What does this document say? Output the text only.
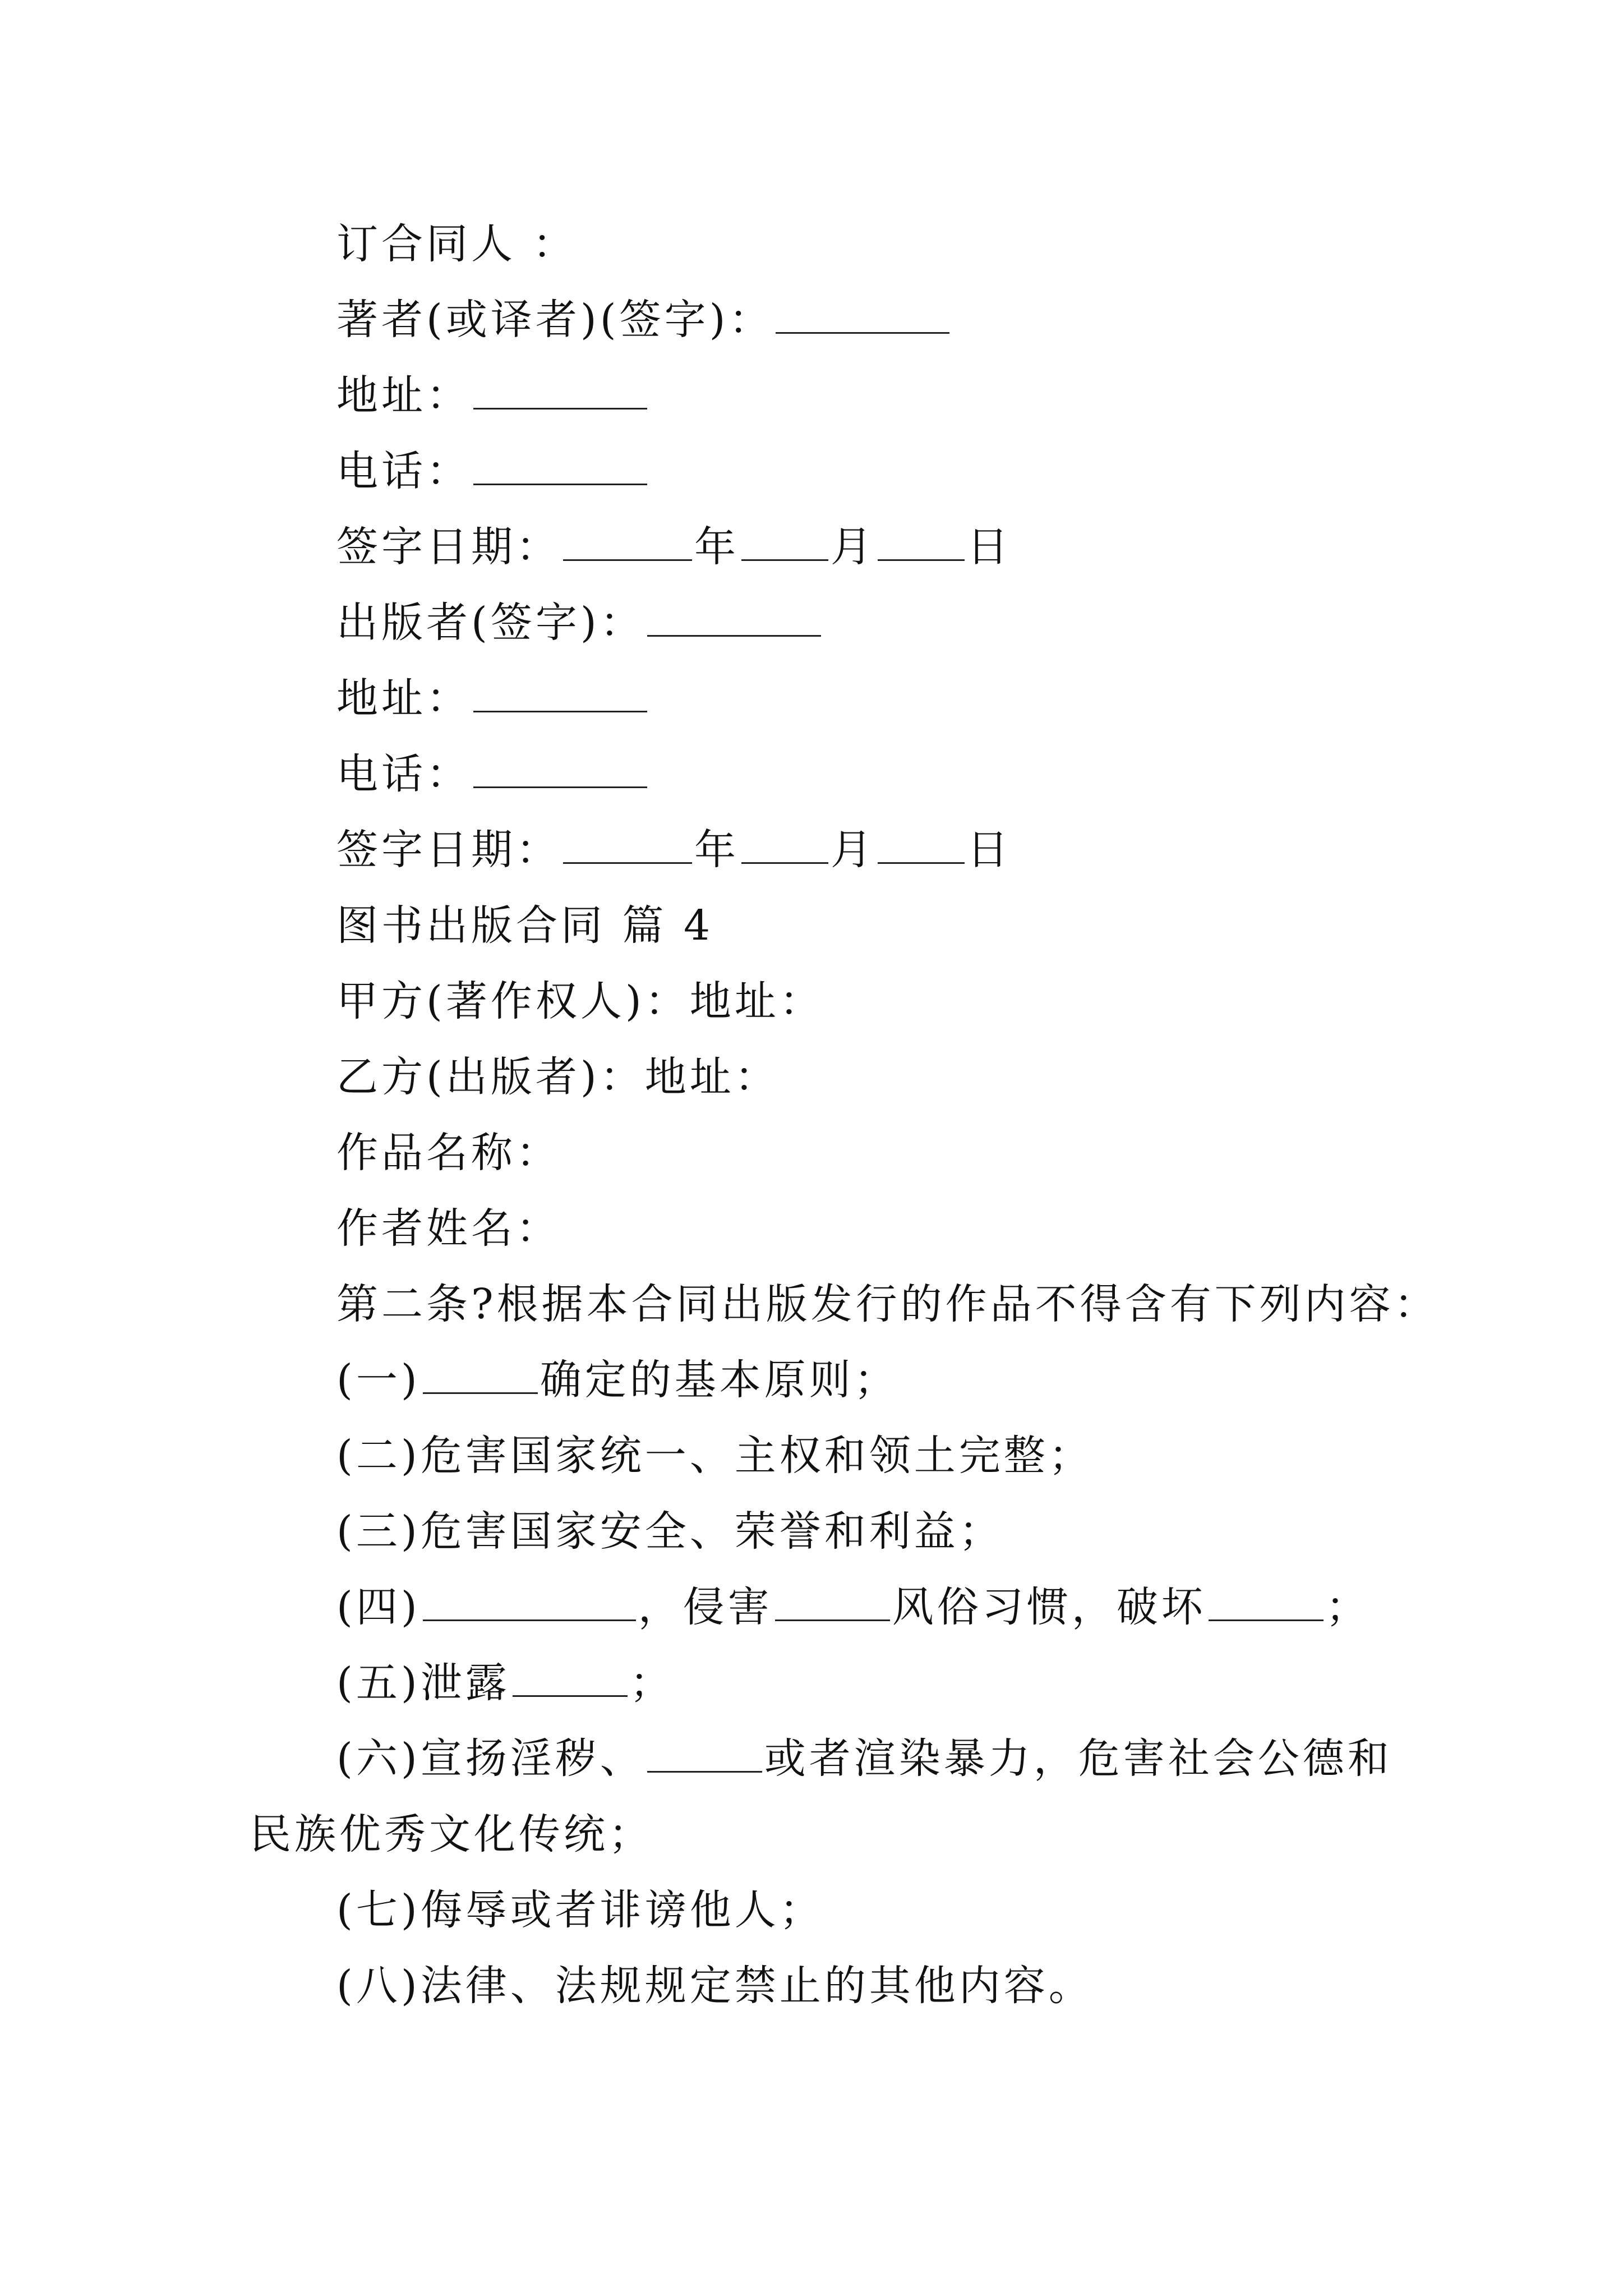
订合同人 ：
著者(或译者)(签字)：
地址：
电话：
签字日期：	年 月 日
出版者(签字)：
地址：
电话：
签字日期：	年 月 日
图书出版合同 篇 4
甲方(著作权人)：地址：
乙方(出版者)：地址：
作品名称：
作者姓名：
第二条?根据本合同出版发行的作品不得含有下列内容：
(一)	确定的基本原则；
(二)危害国家统一、主权和领土完整；
(三)危害国家安全、荣誉和利益；
(四)	，侵害	风俗习惯，破坏	；
(五)泄露	；
(六)宣扬淫秽、	或者渲染暴力，危害社会公德和
民族优秀文化传统；
(七)侮辱或者诽谤他人；
(八)法律、法规规定禁止的其他内容。
